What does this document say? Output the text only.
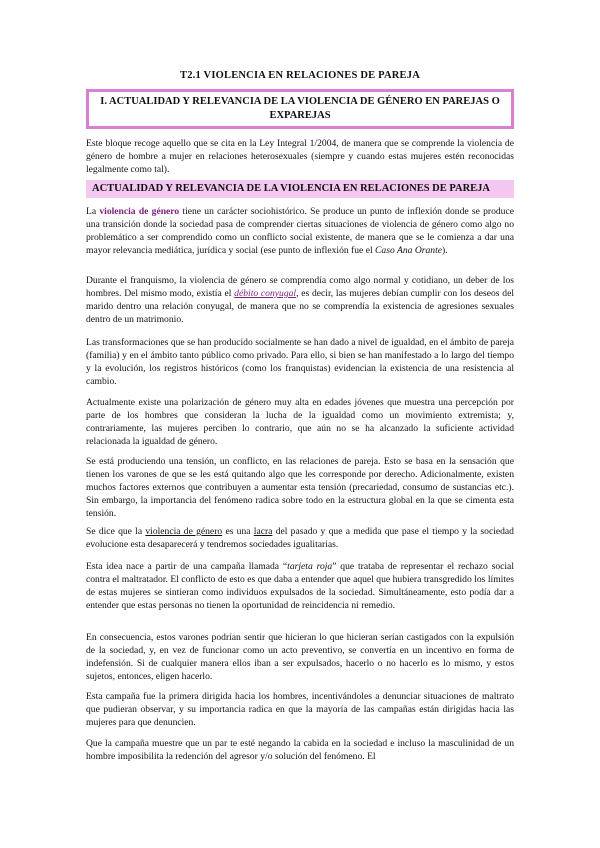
T2.1 VIOLENCIA EN RELACIONES DE PAREJA
I. ACTUALIDAD Y RELEVANCIA DE LA VIOLENCIA DE GÉNERO EN PAREJAS O EXPAREJAS

Este bloque recoge aquello que se cita en la Ley Integral 1/2004, de manera que se comprende la violencia de género de hombre a mujer en relaciones heterosexuales (siempre y cuando estas mujeres estén reconocidas legalmente como tal).

ACTUALIDAD Y RELEVANCIA DE LA VIOLENCIA EN RELACIONES DE PAREJA

La violencia de género tiene un carácter sociohistórico. Se produce un punto de inflexión donde se produce una transición donde la sociedad pasa de comprender ciertas situaciones de violencia de género como algo no problemático a ser comprendido como un conflicto social existente, de manera que se le comienza a dar una mayor relevancia mediática, jurídica y social (ese punto de inflexión fue el Caso Ana Orante).

Durante el franquismo, la violencia de género se comprendía como algo normal y cotidiano, un deber de los hombres. Del mismo modo, existía el débito conyugal, es decir, las mujeres debían cumplir con los deseos del marido dentro una relación conyugal, de manera que no se comprendía la existencia de agresiones sexuales dentro de un matrimonio.

Las transformaciones que se han producido socialmente se han dado a nivel de igualdad, en el ámbito de pareja (familia) y en el ámbito tanto público como privado. Para ello, si bien se han manifestado a lo largo del tiempo y la evolución, los registros históricos (como los franquistas) evidencian la existencia de una resistencia al cambio.

Actualmente existe una polarización de género muy alta en edades jóvenes que muestra una percepción por parte de los hombres que consideran la lucha de la igualdad como un movimiento extremista; y, contrariamente, las mujeres perciben lo contrario, que aún no se ha alcanzado la suficiente actividad relacionada la igualdad de género.

Se está produciendo una tensión, un conflicto, en las relaciones de pareja. Esto se basa en la sensación que tienen los varones de que se les está quitando algo que les corresponde por derecho. Adicionalmente, existen muchos factores externos que contribuyen a aumentar esta tensión (precariedad, consumo de sustancias etc.). Sin embargo, la importancia del fenómeno radica sobre todo en la estructura global en la que se cimenta esta tensión.

Se dice que la violencia de género es una lacra del pasado y que a medida que pase el tiempo y la sociedad evolucione esta desaparecerá y tendremos sociedades igualitarias.

Esta idea nace a partir de una campaña llamada “tarjeta roja” que trataba de representar el rechazo social contra el maltratador. El conflicto de esto es que daba a entender que aquel que hubiera transgredido los límites de estas mujeres se sintieran como individuos expulsados de la sociedad. Simultáneamente, esto podía dar a entender que estas personas no tienen la oportunidad de reincidencia ni remedio.

En consecuencia, estos varones podrían sentir que hicieran lo que hicieran serían castigados con la expulsión de la sociedad, y, en vez de funcionar como un acto preventivo, se convertía en un incentivo en forma de indefensión. Si de cualquier manera ellos iban a ser expulsados, hacerlo o no hacerlo es lo mismo, y estos sujetos, entonces, eligen hacerlo.

Esta campaña fue la primera dirigida hacia los hombres, incentivándoles a denunciar situaciones de maltrato que pudieran observar, y su importancia radica en que la mayoría de las campañas están dirigidas hacia las mujeres para que denuncien.

Que la campaña muestre que un par te esté negando la cabida en la sociedad e incluso la masculinidad de un hombre imposibilita la redención del agresor y/o solución del fenómeno. El
